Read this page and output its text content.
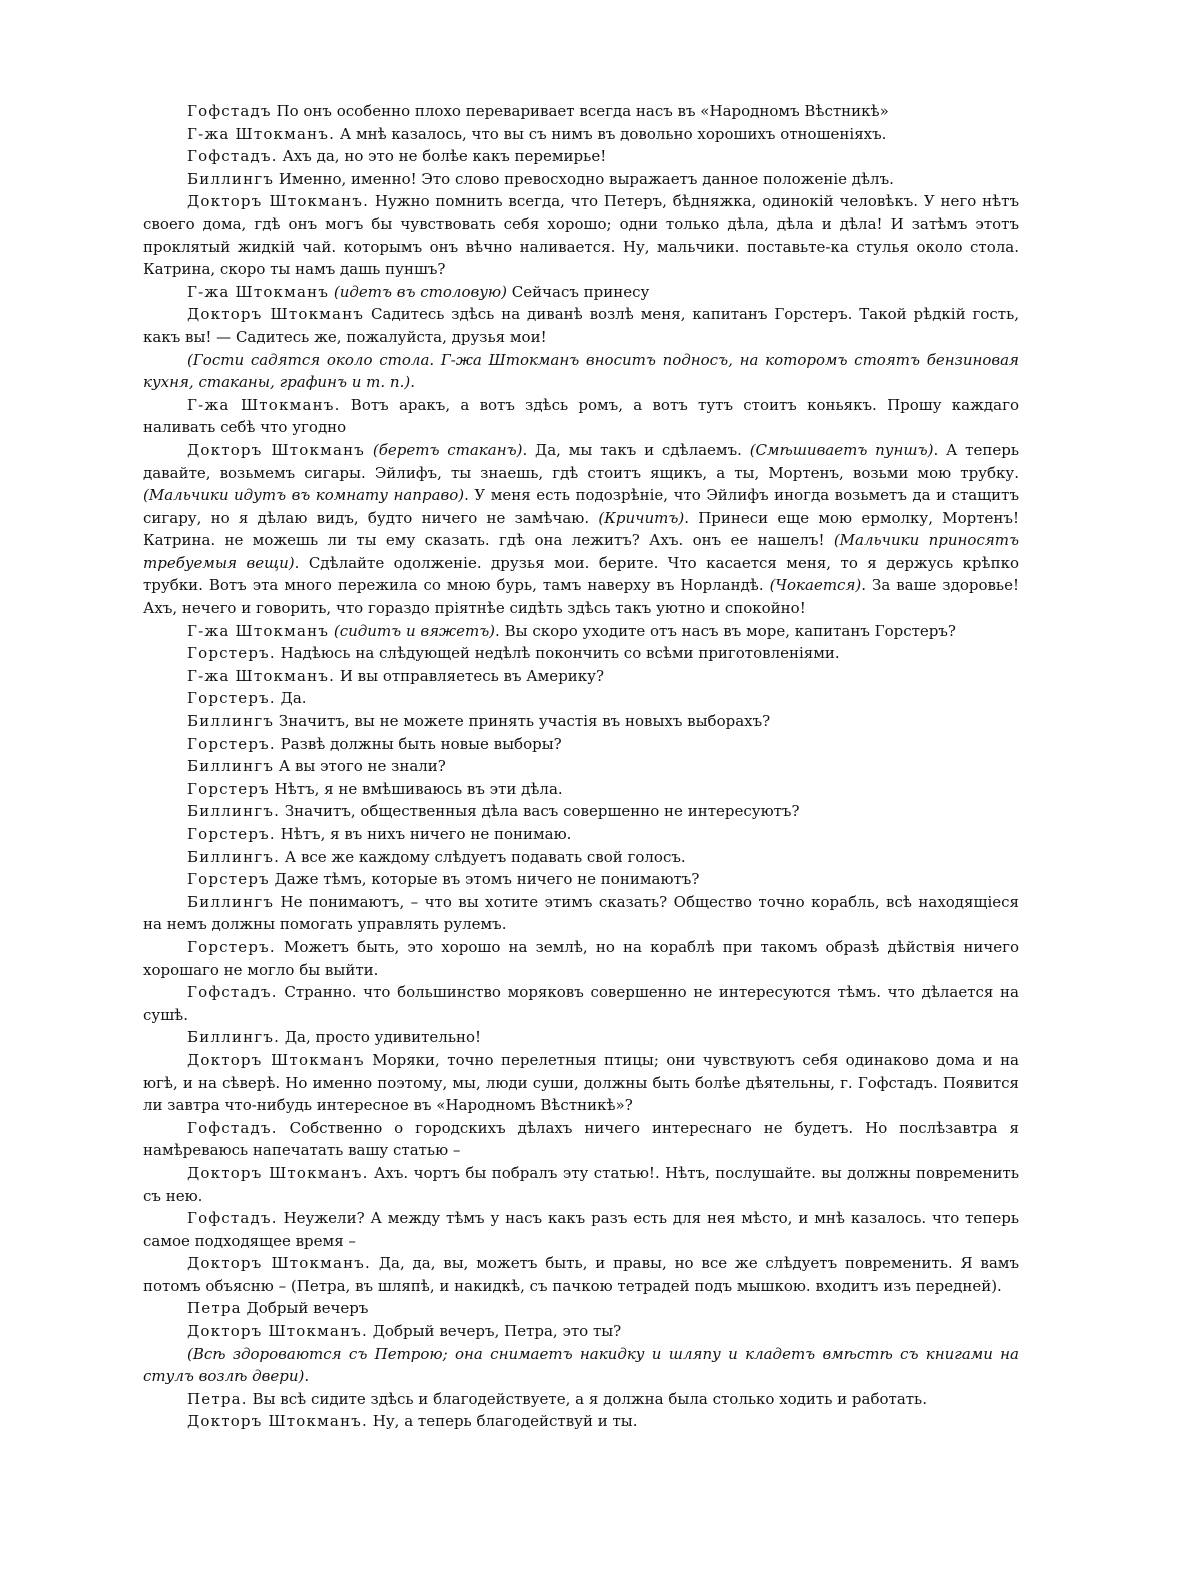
Гофстадъ По онъ особенно плохо переваривает всегда насъ въ «Народномъ Вѣстникѣ»

Г-жа Штокманъ. А мнѣ казалось, что вы съ нимъ въ довольно хорошихъ отношеніяхъ.

Гофстадъ. Ахъ да, но это не болѣе какъ перемирье!

Биллингъ Именно, именно! Это слово превосходно выражаетъ данное положеніе дѣлъ.

Докторъ Штокманъ. Нужно помнить всегда, что Петеръ, бѣдняжка, одинокій человѣкъ. У него нѣтъ своего дома, гдѣ онъ могъ бы чувствовать себя хорошо; одни только дѣла, дѣла и дѣла! И затѣмъ этотъ проклятый жидкій чай. которымъ онъ вѣчно наливается. Ну, мальчики. поставьте-ка стулья около стола. Катрина, скоро ты намъ дашь пуншъ?

Г-жа Штокманъ (идетъ въ столовую) Сейчасъ принесу

Докторъ Штокманъ Садитесь здѣсь на диванѣ возлѣ меня, капитанъ Горстеръ. Такой рѣдкій гость, какъ вы! — Садитесь же, пожалуйста, друзья мои!

(Гости садятся около стола. Г-жа Штокманъ вноситъ подносъ, на которомъ стоятъ бензиновая кухня, стаканы, графинъ и т. п.).

Г-жа Штокманъ. Вотъ аракъ, а вотъ здѣсь ромъ, а вотъ тутъ стоитъ коньякъ. Прошу каждаго наливать себѣ что угодно

Докторъ Штокманъ (беретъ стаканъ). Да, мы такъ и сдѣлаемъ. (Смѣшиваетъ пуншъ). А теперь давайте, возьмемъ сигары. Эйлифъ, ты знаешь, гдѣ стоитъ ящикъ, а ты, Мортенъ, возьми мою трубку. (Мальчики идутъ въ комнату направо). У меня есть подозрѣніе, что Эйлифъ иногда возьметъ да и стащитъ сигару, но я дѣлаю видъ, будто ничего не замѣчаю. (Кричитъ). Принеси еще мою ермолку, Мортенъ! Катрина. не можешь ли ты ему сказать. гдѣ она лежитъ? Ахъ. онъ ее нашелъ! (Мальчики приносятъ требуемыя вещи). Сдѣлайте одолженіе. друзья мои. берите. Что касается меня, то я держусь крѣпко трубки. Вотъ эта много пережила со мною бурь, тамъ наверху въ Норландѣ. (Чокается). За ваше здоровье! Ахъ, нечего и говорить, что гораздо пріятнѣе сидѣть здѣсь такъ уютно и спокойно!

Г-жа Штокманъ (сидитъ и вяжетъ). Вы скоро уходите отъ насъ въ море, капитанъ Горстеръ?

Горстеръ. Надѣюсь на слѣдующей недѣлѣ покончить со всѣми приготовленіями.

Г-жа Штокманъ. И вы отправляетесь въ Америку?

Горстеръ. Да.

Биллингъ Значитъ, вы не можете принять участія въ новыхъ выборахъ?

Горстеръ. Развѣ должны быть новые выборы?

Биллингъ А вы этого не знали?

Горстеръ Нѣтъ, я не вмѣшиваюсь въ эти дѣла.

Биллингъ. Значитъ, общественныя дѣла васъ совершенно не интересуютъ?

Горстеръ. Нѣтъ, я въ нихъ ничего не понимаю.

Биллингъ. А все же каждому слѣдуетъ подавать свой голосъ.

Горстеръ Даже тѣмъ, которые въ этомъ ничего не понимаютъ?

Биллингъ Не понимаютъ, – что вы хотите этимъ сказать? Общество точно корабль, всѣ находящіеся на немъ должны помогать управлять рулемъ.

Горстеръ. Можетъ быть, это хорошо на землѣ, но на кораблѣ при такомъ образѣ дѣйствія ничего хорошаго не могло бы выйти.

Гофстадъ. Странно. что большинство моряковъ совершенно не интересуются тѣмъ. что дѣлается на сушѣ.

Биллингъ. Да, просто удивительно!

Докторъ Штокманъ Моряки, точно перелетныя птицы; они чувствуютъ себя одинаково дома и на югѣ, и на сѣверѣ. Но именно поэтому, мы, люди суши, должны быть болѣе дѣятельны, г. Гофстадъ. Появится ли завтра что-нибудь интересное въ «Народномъ Вѣстникѣ»?

Гофстадъ. Собственно о городскихъ дѣлахъ ничего интереснаго не будетъ. Но послѣзавтра я намѣреваюсь напечатать вашу статью –

Докторъ Штокманъ. Ахъ. чортъ бы побралъ эту статью!. Нѣтъ, послушайте. вы должны повременить съ нею.

Гофстадъ. Неужели? А между тѣмъ у насъ какъ разъ есть для нея мѣсто, и мнѣ казалось. что теперь самое подходящее время –

Докторъ Штокманъ. Да, да, вы, можетъ быть, и правы, но все же слѣдуетъ повременить. Я вамъ потомъ объясню – (Петра, въ шляпѣ, и накидкѣ, съ пачкою тетрадей подъ мышкою. входитъ изъ передней).

Петра Добрый вечеръ

Докторъ Штокманъ. Добрый вечеръ, Петра, это ты?

(Всѣ здороваются съ Петрою; она снимаетъ накидку и шляпу и кладетъ вмѣстѣ съ книгами на стулъ возлѣ двери).

Петра. Вы всѣ сидите здѣсь и благодействуете, а я должна была столько ходить и работать.

Докторъ Штокманъ. Ну, а теперь благодействуй и ты.
